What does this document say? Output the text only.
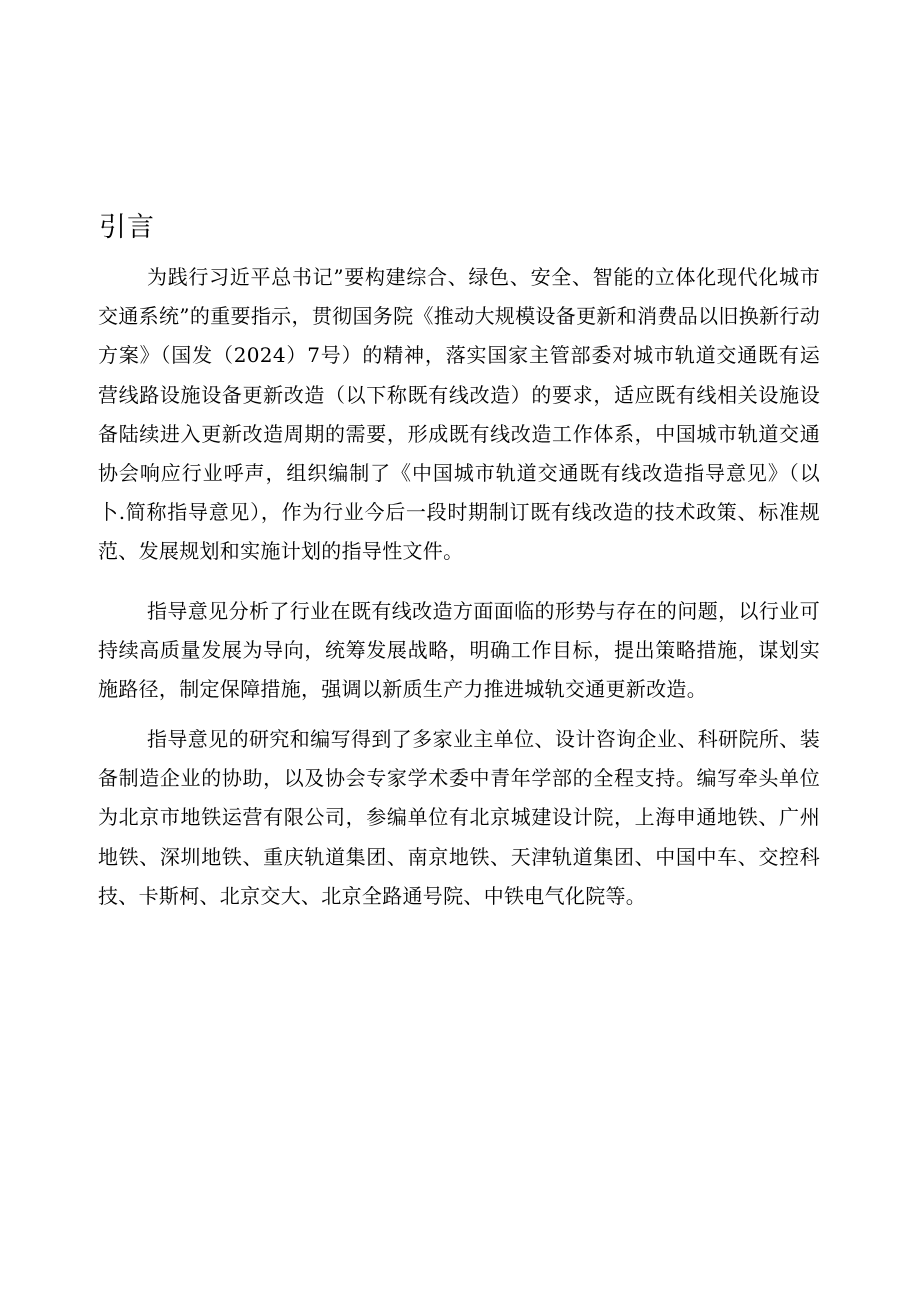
引言

为践行习近平总书记”要构建综合、绿色、安全、智能的立体化现代化城市交通系统”的重要指示，贯彻国务院《推动大规模设备更新和消费品以旧换新行动方案》（国发（2024）7号）的精神，落实国家主管部委对城市轨道交通既有运营线路设施设备更新改造（以下称既有线改造）的要求，适应既有线相关设施设备陆续进入更新改造周期的需要，形成既有线改造工作体系，中国城市轨道交通协会响应行业呼声，组织编制了《中国城市轨道交通既有线改造指导意见》（以卜.简称指导意见），作为行业今后一段时期制订既有线改造的技术政策、标准规范、发展规划和实施计划的指导性文件。

指导意见分析了行业在既有线改造方面面临的形势与存在的问题，以行业可持续高质量发展为导向，统筹发展战略，明确工作目标，提出策略措施，谋划实施路径，制定保障措施，强调以新质生产力推进城轨交通更新改造。

指导意见的研究和编写得到了多家业主单位、设计咨询企业、科研院所、装备制造企业的协助，以及协会专家学术委中青年学部的全程支持。编写牵头单位为北京市地铁运营有限公司，参编单位有北京城建设计院，上海申通地铁、广州地铁、深圳地铁、重庆轨道集团、南京地铁、天津轨道集团、中国中车、交控科技、卡斯柯、北京交大、北京全路通号院、中铁电气化院等。
